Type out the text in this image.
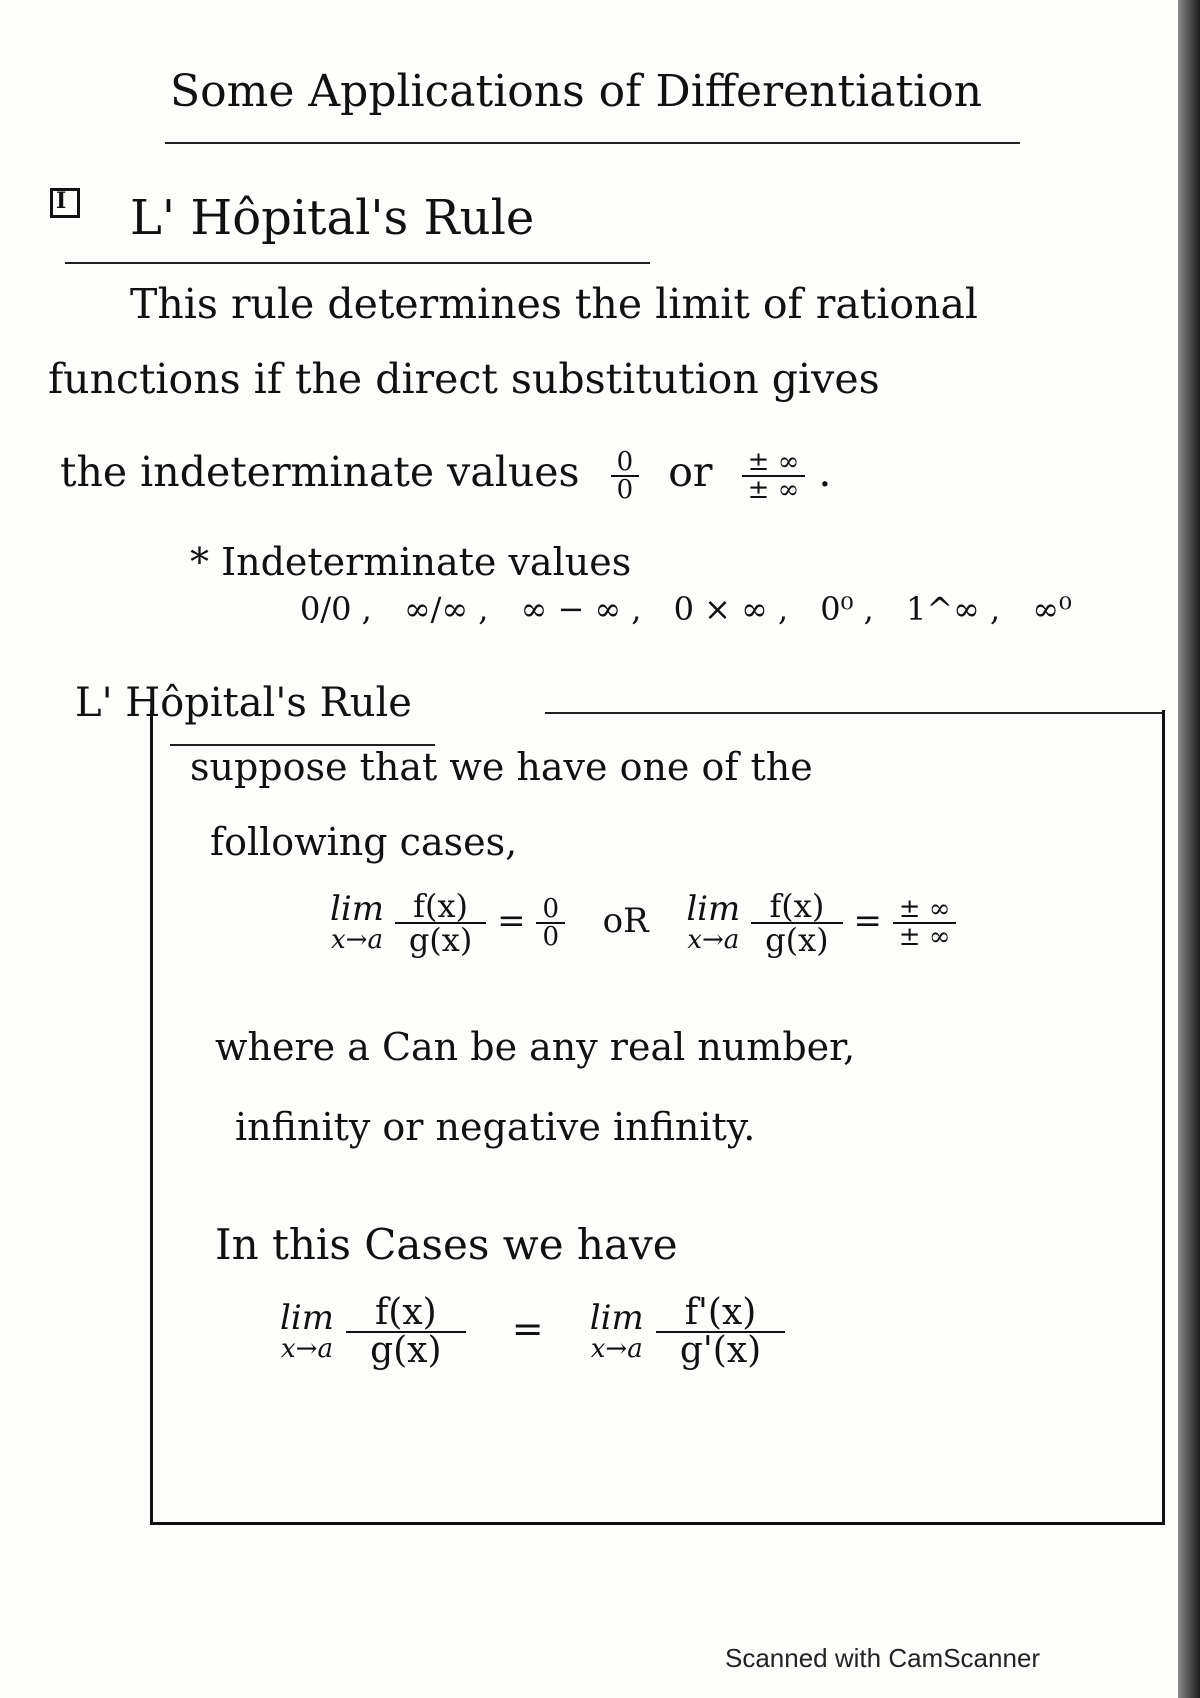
Some Applications of Differentiation
I L' Hôpital's Rule
This rule determines the limit of rational
functions if the direct substitution gives
the indeterminate values $\frac{0}{0}$ or $\frac{\pm \infty}{\pm \infty}$ .
* Indeterminate values
0/0 , ∞/∞ , ∞ − ∞ , 0 × ∞ , 0⁰ , 1^∞ , ∞⁰
L' Hôpital's Rule
suppose that we have one of the
following cases,
lim
x→a
$\frac{f(x)}{g(x)} = \frac{0}{0}$ oR lim
x→a
$\frac{f(x)}{g(x)} = \frac{\pm \infty}{\pm \infty}$
where a Can be any real number,
infinity or negative infinity.
In this Cases we have
lim
x→a
$\frac{f(x)}{g(x)} = \lim$
x→a
$\frac{f'(x)}{g'(x)}$
Scanned with CamScanner
